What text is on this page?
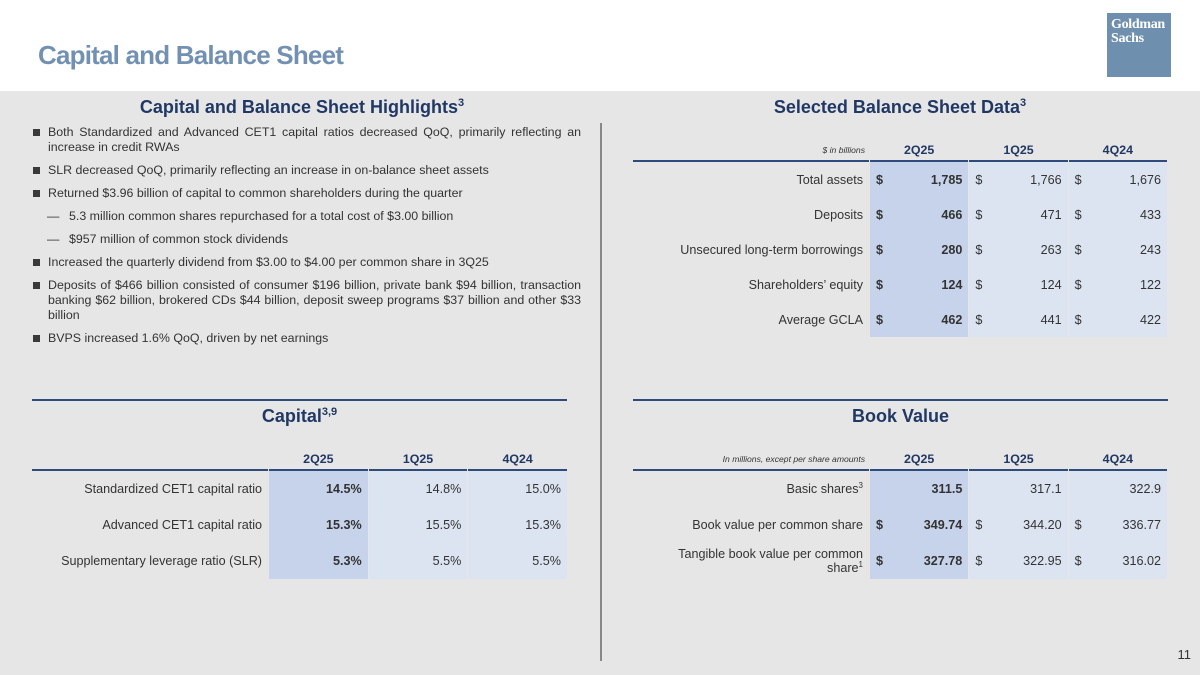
Capital and Balance Sheet
Goldman
Sachs
Capital and Balance Sheet Highlights$^3$
Both Standardized and Advanced CET1 capital ratios decreased QoQ, primarily reflecting an increase in credit RWAs
SLR decreased QoQ, primarily reflecting an increase in on-balance sheet assets
Returned $3.96 billion of capital to common shareholders during the quarter
— 5.3 million common shares repurchased for a total cost of $3.00 billion
— $957 million of common stock dividends
Increased the quarterly dividend from $3.00 to $4.00 per common share in 3Q25
Deposits of $466 billion consisted of consumer $196 billion, private bank $94 billion, transaction banking $62 billion, brokered CDs $44 billion, deposit sweep programs $37 billion and other $33 billion
BVPS increased 1.6% QoQ, driven by net earnings
Selected Balance Sheet Data$^3$
$ in billions	2Q25	1Q25	4Q24
Total assets	$ 1,785	$ 1,766	$ 1,676

Deposits	$ 466	$ 471	$ 433

Unsecured long-term borrowings	$ 280	$ 263	$ 243

Shareholders’ equity	$ 124	$ 124	$ 122

Average GCLA	$ 462	$ 441	$ 422
Capital$^{3,9}$
	2Q25	1Q25	4Q24
Standardized CET1 capital ratio	14.5%	14.8%	15.0%
Advanced CET1 capital ratio	15.3%	15.5%	15.3%
Supplementary leverage ratio (SLR)	5.3%	5.5%	5.5%
Book Value
In millions, except per share amounts	2Q25	1Q25	4Q24
Basic shares$^3$	311.5	317.1	322.9

Book value per common share	$ 349.74	$ 344.20	$ 336.77

Tangible book value per common share$^1$	$ 327.78	$ 322.95	$ 316.02
11
